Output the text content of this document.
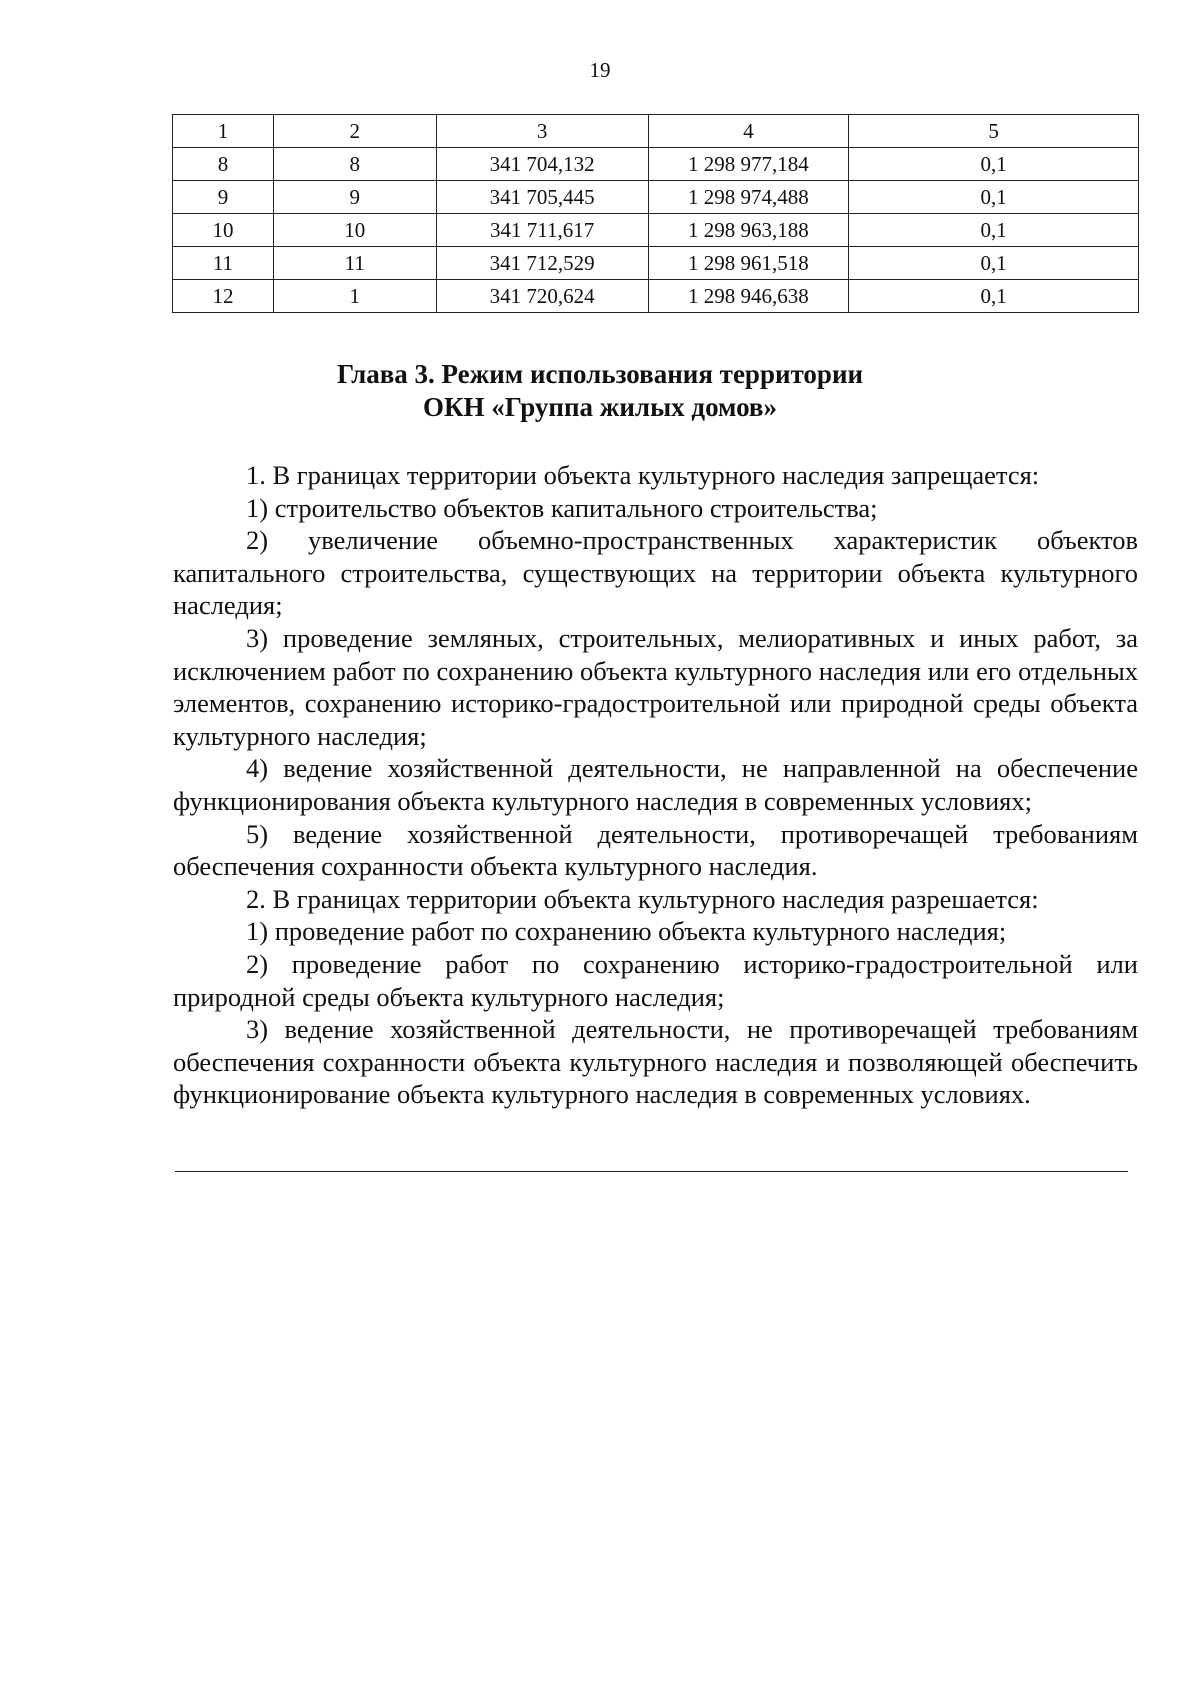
19
1	2	3	4	5
8	8	341 704,132	1 298 977,184	0,1
9	9	341 705,445	1 298 974,488	0,1
10	10	341 711,617	1 298 963,188	0,1
11	11	341 712,529	1 298 961,518	0,1
12	1	341 720,624	1 298 946,638	0,1
Глава 3. Режим использования территории
ОКН «Группа жилых домов»

1. В границах территории объекта культурного наследия запрещается:

1) строительство объектов капитального строительства;

2) увеличение объемно-пространственных характеристик объектов капитального строительства, существующих на территории объекта культурного наследия;

3) проведение земляных, строительных, мелиоративных и иных работ, за исключением работ по сохранению объекта культурного наследия или его отдельных элементов, сохранению историко-градостроительной или природной среды объекта культурного наследия;

4) ведение хозяйственной деятельности, не направленной на обеспечение функционирования объекта культурного наследия в современных условиях;

5) ведение хозяйственной деятельности, противоречащей требованиям обеспечения сохранности объекта культурного наследия.

2. В границах территории объекта культурного наследия разрешается:

1) проведение работ по сохранению объекта культурного наследия;

2) проведение работ по сохранению историко-градостроительной или природной среды объекта культурного наследия;

3) ведение хозяйственной деятельности, не противоречащей требованиям обеспечения сохранности объекта культурного наследия и позволяющей обеспечить функционирование объекта культурного наследия в современных условиях.
